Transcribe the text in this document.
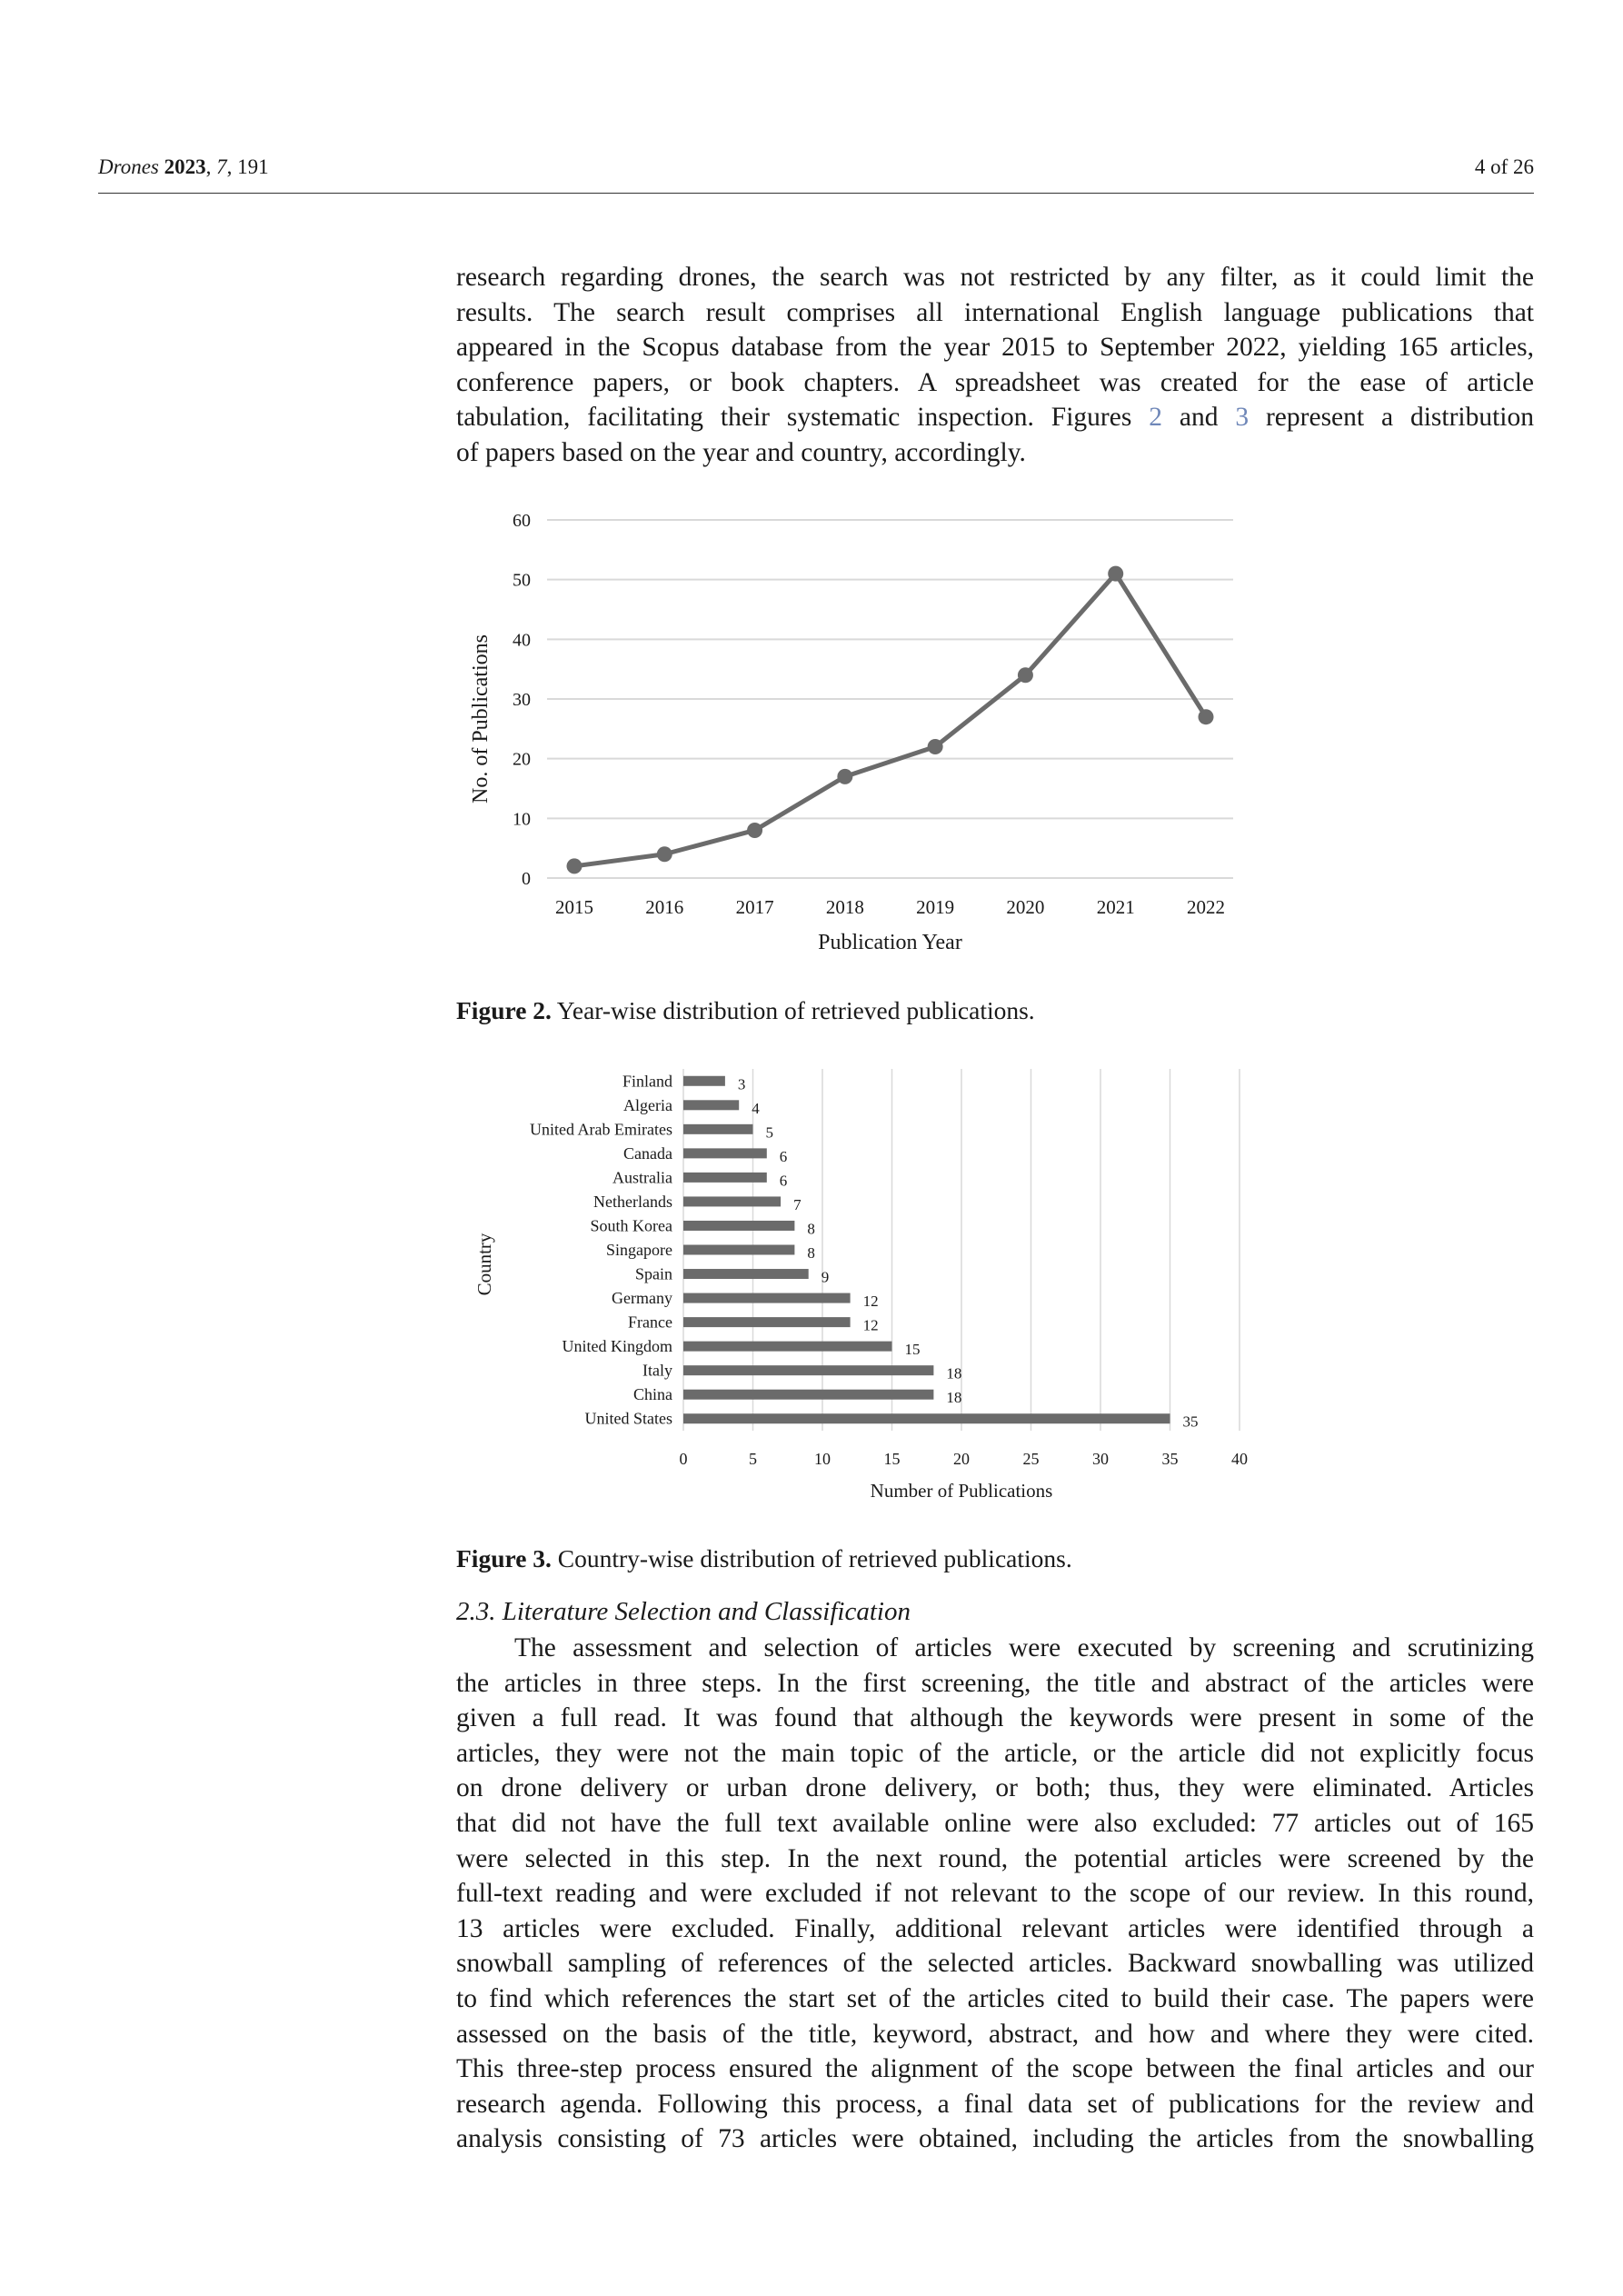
Drones 2023, 7, 191	4 of 26
research regarding drones, the search was not restricted by any filter, as it could limit the
results. The search result comprises all international English language publications that
appeared in the Scopus database from the year 2015 to September 2022, yielding 165 articles,
conference papers, or book chapters. A spreadsheet was created for the ease of article
tabulation, facilitating their systematic inspection. Figures 2 and 3 represent a distribution
of papers based on the year and country, accordingly.
0
10
20
30
40
50
60
2015	2016	2017	2018	2019	2020	2021	2022
Publication Year
No. of Publications
Figure 2. Year-wise distribution of retrieved publications.
0	5	10	15	20	25	30	35	40
Finland	3
Algeria	4
United Arab Emirates	5
Canada	6
Australia	6
Netherlands	7
South Korea	8
Singapore	8
Spain	9
Germany	12
France	12
United Kingdom	15
Italy	18
China	18
United States	35
Number of Publications
Country
Figure 3. Country-wise distribution of retrieved publications.
2.3. Literature Selection and Classification
The assessment and selection of articles were executed by screening and scrutinizing
the articles in three steps. In the first screening, the title and abstract of the articles were
given a full read. It was found that although the keywords were present in some of the
articles, they were not the main topic of the article, or the article did not explicitly focus
on drone delivery or urban drone delivery, or both; thus, they were eliminated. Articles
that did not have the full text available online were also excluded: 77 articles out of 165
were selected in this step. In the next round, the potential articles were screened by the
full-text reading and were excluded if not relevant to the scope of our review. In this round,
13 articles were excluded. Finally, additional relevant articles were identified through a
snowball sampling of references of the selected articles. Backward snowballing was utilized
to find which references the start set of the articles cited to build their case. The papers were
assessed on the basis of the title, keyword, abstract, and how and where they were cited.
This three-step process ensured the alignment of the scope between the final articles and our
research agenda. Following this process, a final data set of publications for the review and
analysis consisting of 73 articles were obtained, including the articles from the snowballing
